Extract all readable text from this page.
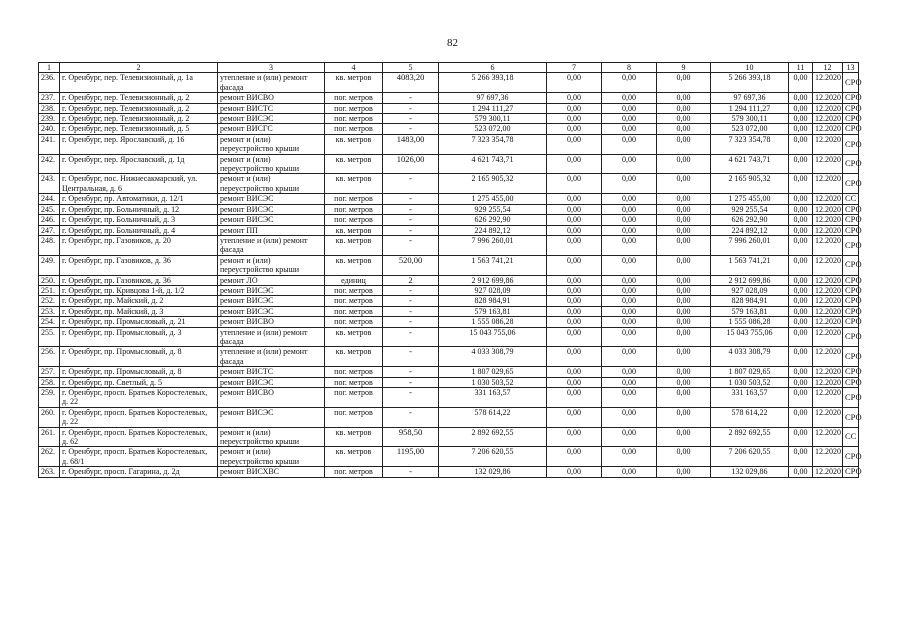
82
1	2	3	4	5	6	7	8	9	10	11	12	13
236.	г. Оренбург, пер. Телевизионный, д. 1а	утепление и (или) ремонт фасада	кв. метров	4083,20	5 266 393,18	0,00	0,00	0,00	5 266 393,18	0,00	12.2020	СРО
237.	г. Оренбург, пер. Телевизионный, д. 2	ремонт ВИСВО	пог. метров	-	97 697,36	0,00	0,00	0,00	97 697,36	0,00	12.2020	СРО
238.	г. Оренбург, пер. Телевизионный, д. 2	ремонт ВИСТС	пог. метров	-	1 294 111,27	0,00	0,00	0,00	1 294 111,27	0,00	12.2020	СРО
239.	г. Оренбург, пер. Телевизионный, д. 2	ремонт ВИСЭС	пог. метров	-	579 300,11	0,00	0,00	0,00	579 300,11	0,00	12.2020	СРО
240.	г. Оренбург, пер. Телевизионный, д. 5	ремонт ВИСГС	пог. метров	-	523 072,00	0,00	0,00	0,00	523 072,00	0,00	12.2020	СРО
241.	г. Оренбург, пер. Ярославский, д. 16	ремонт и (или) переустройство крыши	кв. метров	1483,00	7 323 354,78	0,00	0,00	0,00	7 323 354,78	0,00	12.2020	СРО
242.	г. Оренбург, пер. Ярославский, д. 1д	ремонт и (или) переустройство крыши	кв. метров	1026,00	4 621 743,71	0,00	0,00	0,00	4 621 743,71	0,00	12.2020	СРО
243.	г. Оренбург, пос. Нижнесакмарский, ул. Центральная, д. 6	ремонт и (или) переустройство крыши	кв. метров	-	2 165 905,32	0,00	0,00	0,00	2 165 905,32	0,00	12.2020	СРО
244.	г. Оренбург, пр. Автоматики, д. 12/1	ремонт ВИСЭС	пог. метров	-	1 275 455,00	0,00	0,00	0,00	1 275 455,00	0,00	12.2020	СС
245.	г. Оренбург, пр. Больничный, д. 12	ремонт ВИСЭС	пог. метров	-	929 255,54	0,00	0,00	0,00	929 255,54	0,00	12.2020	СРО
246.	г. Оренбург, пр. Больничный, д. 3	ремонт ВИСЭС	пог. метров	-	626 292,90	0,00	0,00	0,00	626 292,90	0,00	12.2020	СРО
247.	г. Оренбург, пр. Больничный, д. 4	ремонт ПП	кв. метров	-	224 892,12	0,00	0,00	0,00	224 892,12	0,00	12.2020	СРО
248.	г. Оренбург, пр. Газовиков, д. 20	утепление и (или) ремонт фасада	кв. метров	-	7 996 260,01	0,00	0,00	0,00	7 996 260,01	0,00	12.2020	СРО
249.	г. Оренбург, пр. Газовиков, д. 36	ремонт и (или) переустройство крыши	кв. метров	520,00	1 563 741,21	0,00	0,00	0,00	1 563 741,21	0,00	12.2020	СРО
250.	г. Оренбург, пр. Газовиков, д. 36	ремонт ЛО	единиц	2	2 912 699,86	0,00	0,00	0,00	2 912 699,86	0,00	12.2020	СРО
251.	г. Оренбург, пр. Кривцова 1-й, д. 1/2	ремонт ВИСЭС	пог. метров	-	927 028,09	0,00	0,00	0,00	927 028,09	0,00	12.2020	СРО
252.	г. Оренбург, пр. Майский, д. 2	ремонт ВИСЭС	пог. метров	-	828 984,91	0,00	0,00	0,00	828 984,91	0,00	12.2020	СРО
253.	г. Оренбург, пр. Майский, д. 3	ремонт ВИСЭС	пог. метров	-	579 163,81	0,00	0,00	0,00	579 163,81	0,00	12.2020	СРО
254.	г. Оренбург, пр. Промысловый, д. 21	ремонт ВИСВО	пог. метров	-	1 555 086,28	0,00	0,00	0,00	1 555 086,28	0,00	12.2020	СРО
255.	г. Оренбург, пр. Промысловый, д. 3	утепление и (или) ремонт фасада	кв. метров	-	15 043 755,06	0,00	0,00	0,00	15 043 755,06	0,00	12.2020	СРО
256.	г. Оренбург, пр. Промысловый, д. 8	утепление и (или) ремонт фасада	кв. метров	-	4 033 308,79	0,00	0,00	0,00	4 033 308,79	0,00	12.2020	СРО
257.	г. Оренбург, пр. Промысловый, д. 8	ремонт ВИСТС	пог. метров	-	1 807 029,65	0,00	0,00	0,00	1 807 029,65	0,00	12.2020	СРО
258.	г. Оренбург, пр. Светлый, д. 5	ремонт ВИСЭС	пог. метров	-	1 030 503,52	0,00	0,00	0,00	1 030 503,52	0,00	12.2020	СРО
259.	г. Оренбург, просп. Братьев Коростелевых, д. 22	ремонт ВИСВО	пог. метров	-	331 163,57	0,00	0,00	0,00	331 163,57	0,00	12.2020	СРО
260.	г. Оренбург, просп. Братьев Коростелевых, д. 22	ремонт ВИСЭС	пог. метров	-	578 614,22	0,00	0,00	0,00	578 614,22	0,00	12.2020	СРО
261.	г. Оренбург, просп. Братьев Коростелевых, д. 62	ремонт и (или) переустройство крыши	кв. метров	958,50	2 892 692,55	0,00	0,00	0,00	2 892 692,55	0,00	12.2020	СС
262.	г. Оренбург, просп. Братьев Коростелевых, д. 68/1	ремонт и (или) переустройство крыши	кв. метров	1195,00	7 206 620,55	0,00	0,00	0,00	7 206 620,55	0,00	12.2020	СРО
263.	г. Оренбург, просп. Гагарина, д. 2д	ремонт ВИСХВС	пог. метров	-	132 029,86	0,00	0,00	0,00	132 029,86	0,00	12.2020	СРО
